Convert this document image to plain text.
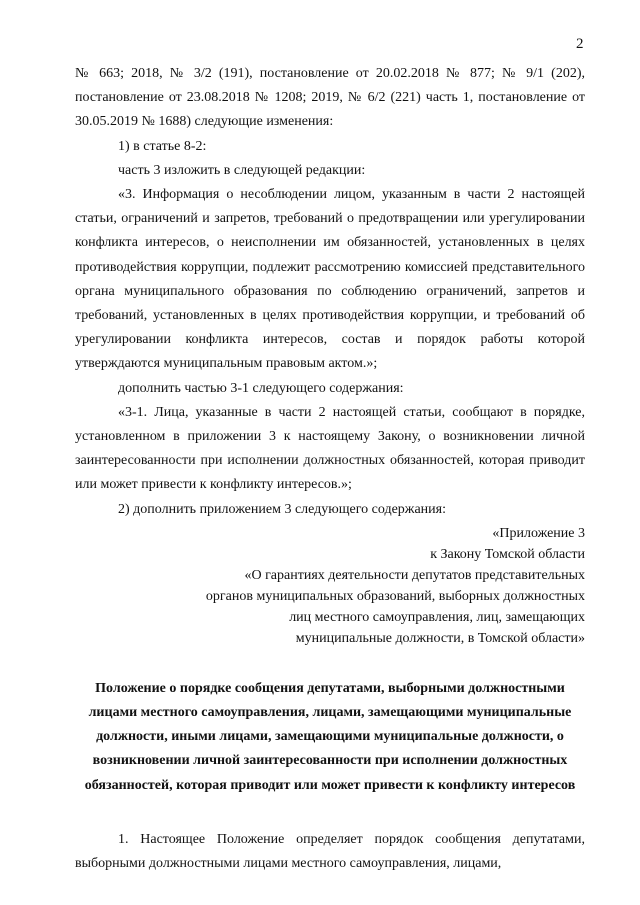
2

№ 663; 2018, № 3/2 (191), постановление от 20.02.2018 № 877; № 9/1 (202), постановление от 23.08.2018 № 1208; 2019, № 6/2 (221) часть 1, постановление от 30.05.2019 № 1688) следующие изменения:

1) в статье 8-2:

часть 3 изложить в следующей редакции:

«3. Информация о несоблюдении лицом, указанным в части 2 настоящей статьи, ограничений и запретов, требований о предотвращении или урегулировании конфликта интересов, о неисполнении им обязанностей, установленных в целях противодействия коррупции, подлежит рассмотрению комиссией представительного органа муниципального образования по соблюдению ограничений, запретов и требований, установленных в целях противодействия коррупции, и требований об урегулировании конфликта интересов, состав и порядок работы которой утверждаются муниципальным правовым актом.»;

дополнить частью 3-1 следующего содержания:

«3-1. Лица, указанные в части 2 настоящей статьи, сообщают в порядке, установленном в приложении 3 к настоящему Закону, о возникновении личной заинтересованности при исполнении должностных обязанностей, которая приводит или может привести к конфликту интересов.»;

2) дополнить приложением 3 следующего содержания:

«Приложение 3
к Закону Томской области
«О гарантиях деятельности депутатов представительных
органов муниципальных образований, выборных должностных
лиц местного самоуправления, лиц, замещающих
муниципальные должности, в Томской области»

Положение о порядке сообщения депутатами, выборными должностными
лицами местного самоуправления, лицами, замещающими муниципальные
должности, иными лицами, замещающими муниципальные должности, о
возникновении личной заинтересованности при исполнении должностных
обязанностей, которая приводит или может привести к конфликту интересов

1. Настоящее Положение определяет порядок сообщения депутатами, выборными должностными лицами местного самоуправления, лицами,
